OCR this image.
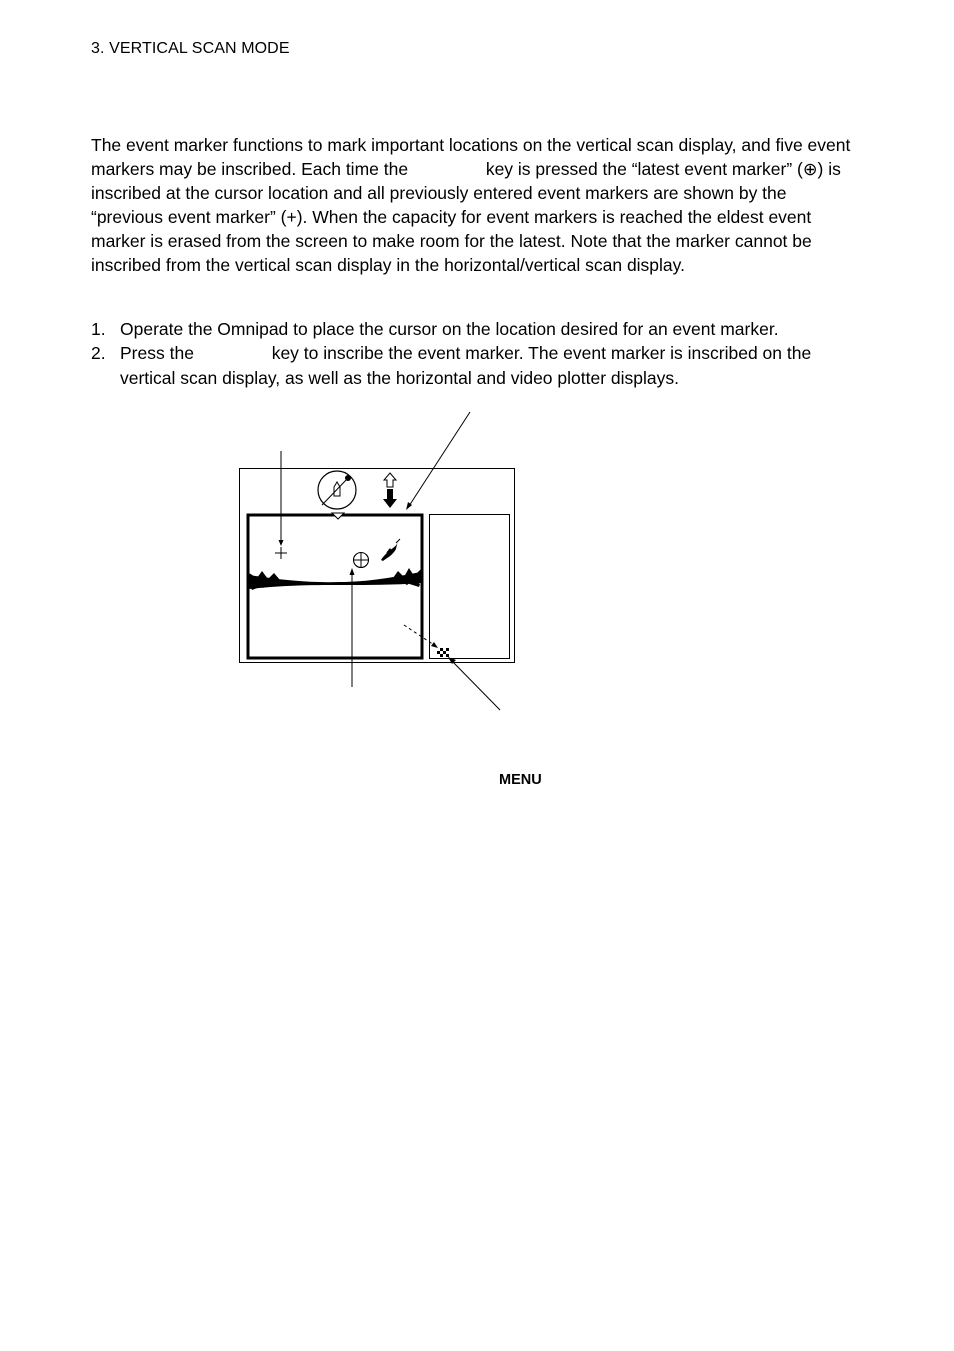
3. VERTICAL SCAN MODE
The event marker functions to mark important locations on the vertical scan display, and five event markers may be inscribed. Each time the	key is pressed the “latest event marker” (⊕) is inscribed at the cursor location and all previously entered event markers are shown by the “previous event marker” (+). When the capacity for event markers is reached the eldest event marker is erased from the screen to make room for the latest. Note that the marker cannot be inscribed from the vertical scan display in the horizontal/vertical scan display.
1. Operate the Omnipad to place the cursor on the location desired for an event marker.
2. Press the	key to inscribe the event marker. The event marker is inscribed on the vertical scan display, as well as the horizontal and video plotter displays.
MENU
